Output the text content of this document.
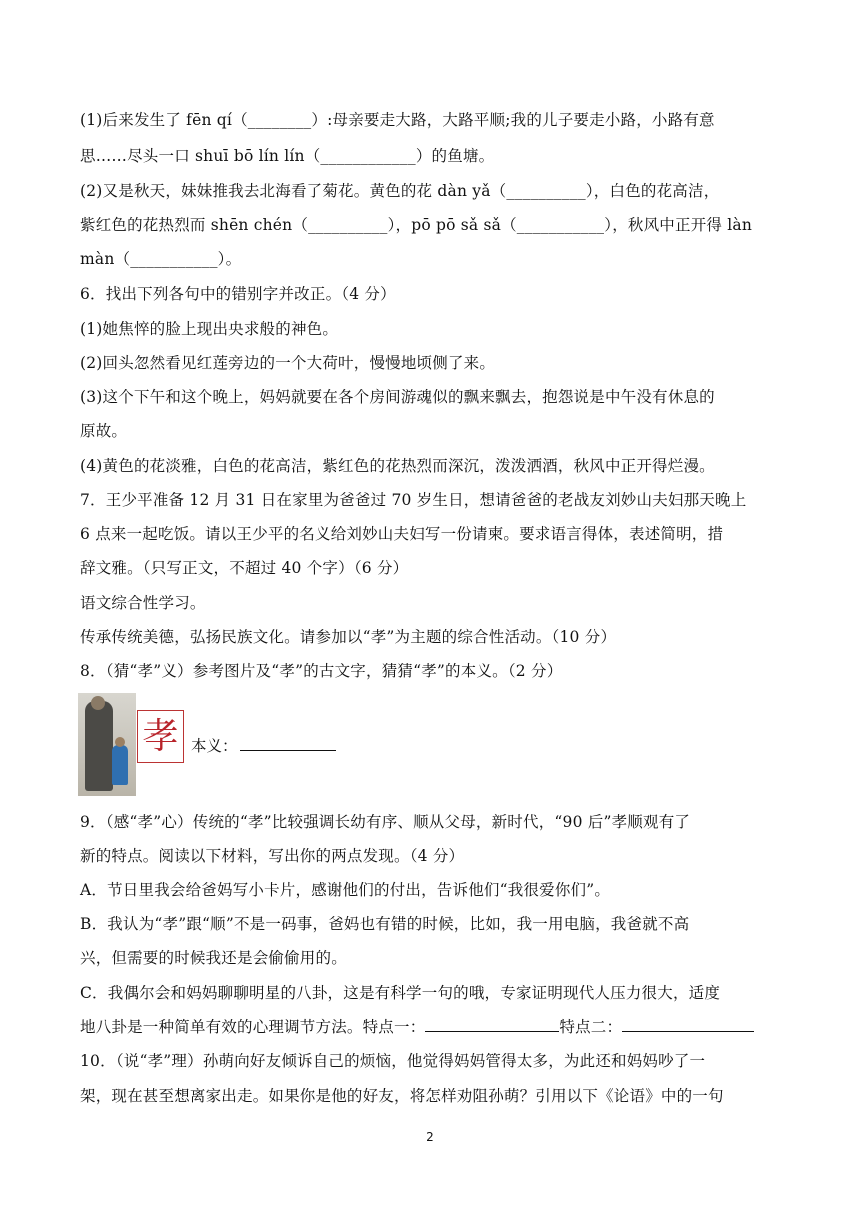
(1)后来发生了 fēn qí（________）:母亲要走大路，大路平顺;我的儿子要走小路，小路有意
思……尽头一口 shuī bō lín lín（____________）的鱼塘。
(2)又是秋天，妹妹推我去北海看了菊花。黄色的花 dàn yǎ（__________），白色的花高洁，
紫红色的花热烈而 shēn chén（__________），pō pō sǎ sǎ（___________），秋风中正开得 làn
màn（___________）。
6．找出下列各句中的错别字并改正。（4 分）
(1)她焦悴的脸上现出央求般的神色。
(2)回头忽然看见红莲旁边的一个大荷叶，慢慢地顷侧了来。
(3)这个下午和这个晚上，妈妈就要在各个房间游魂似的飘来飘去，抱怨说是中午没有休息的
原故。
(4)黄色的花淡雅，白色的花高洁，紫红色的花热烈而深沉，泼泼洒酒，秋风中正开得烂漫。
7．王少平准备 12 月 31 日在家里为爸爸过 70 岁生日，想请爸爸的老战友刘妙山夫妇那天晚上
6 点来一起吃饭。请以王少平的名义给刘妙山夫妇写一份请柬。要求语言得体，表述简明，措
辞文雅。（只写正文，不超过 40 个字）（6 分）
语文综合性学习。
传承传统美德，弘扬民族文化。请参加以“孝”为主题的综合性活动。（10 分）
8．（猜“孝”义）参考图片及“孝”的古文字，猜猜“孝”的本义。（2 分）
孝 本义：
9．（感“孝”心）传统的“孝”比较强调长幼有序、顺从父母，新时代，“90 后”孝顺观有了
新的特点。阅读以下材料，写出你的两点发现。（4 分）
A．节日里我会给爸妈写小卡片，感谢他们的付出，告诉他们“我很爱你们”。
B．我认为“孝”跟“顺”不是一码事，爸妈也有错的时候，比如，我一用电脑，我爸就不高
兴，但需要的时候我还是会偷偷用的。
C．我偶尔会和妈妈聊聊明星的八卦，这是有科学一句的哦，专家证明现代人压力很大，适度
地八卦是一种简单有效的心理调节方法。特点一：	特点二：
10．（说“孝”理）孙萌向好友倾诉自己的烦恼，他觉得妈妈管得太多，为此还和妈妈吵了一
架，现在甚至想离家出走。如果你是他的好友，将怎样劝阻孙萌？引用以下《论语》中的一句
2
